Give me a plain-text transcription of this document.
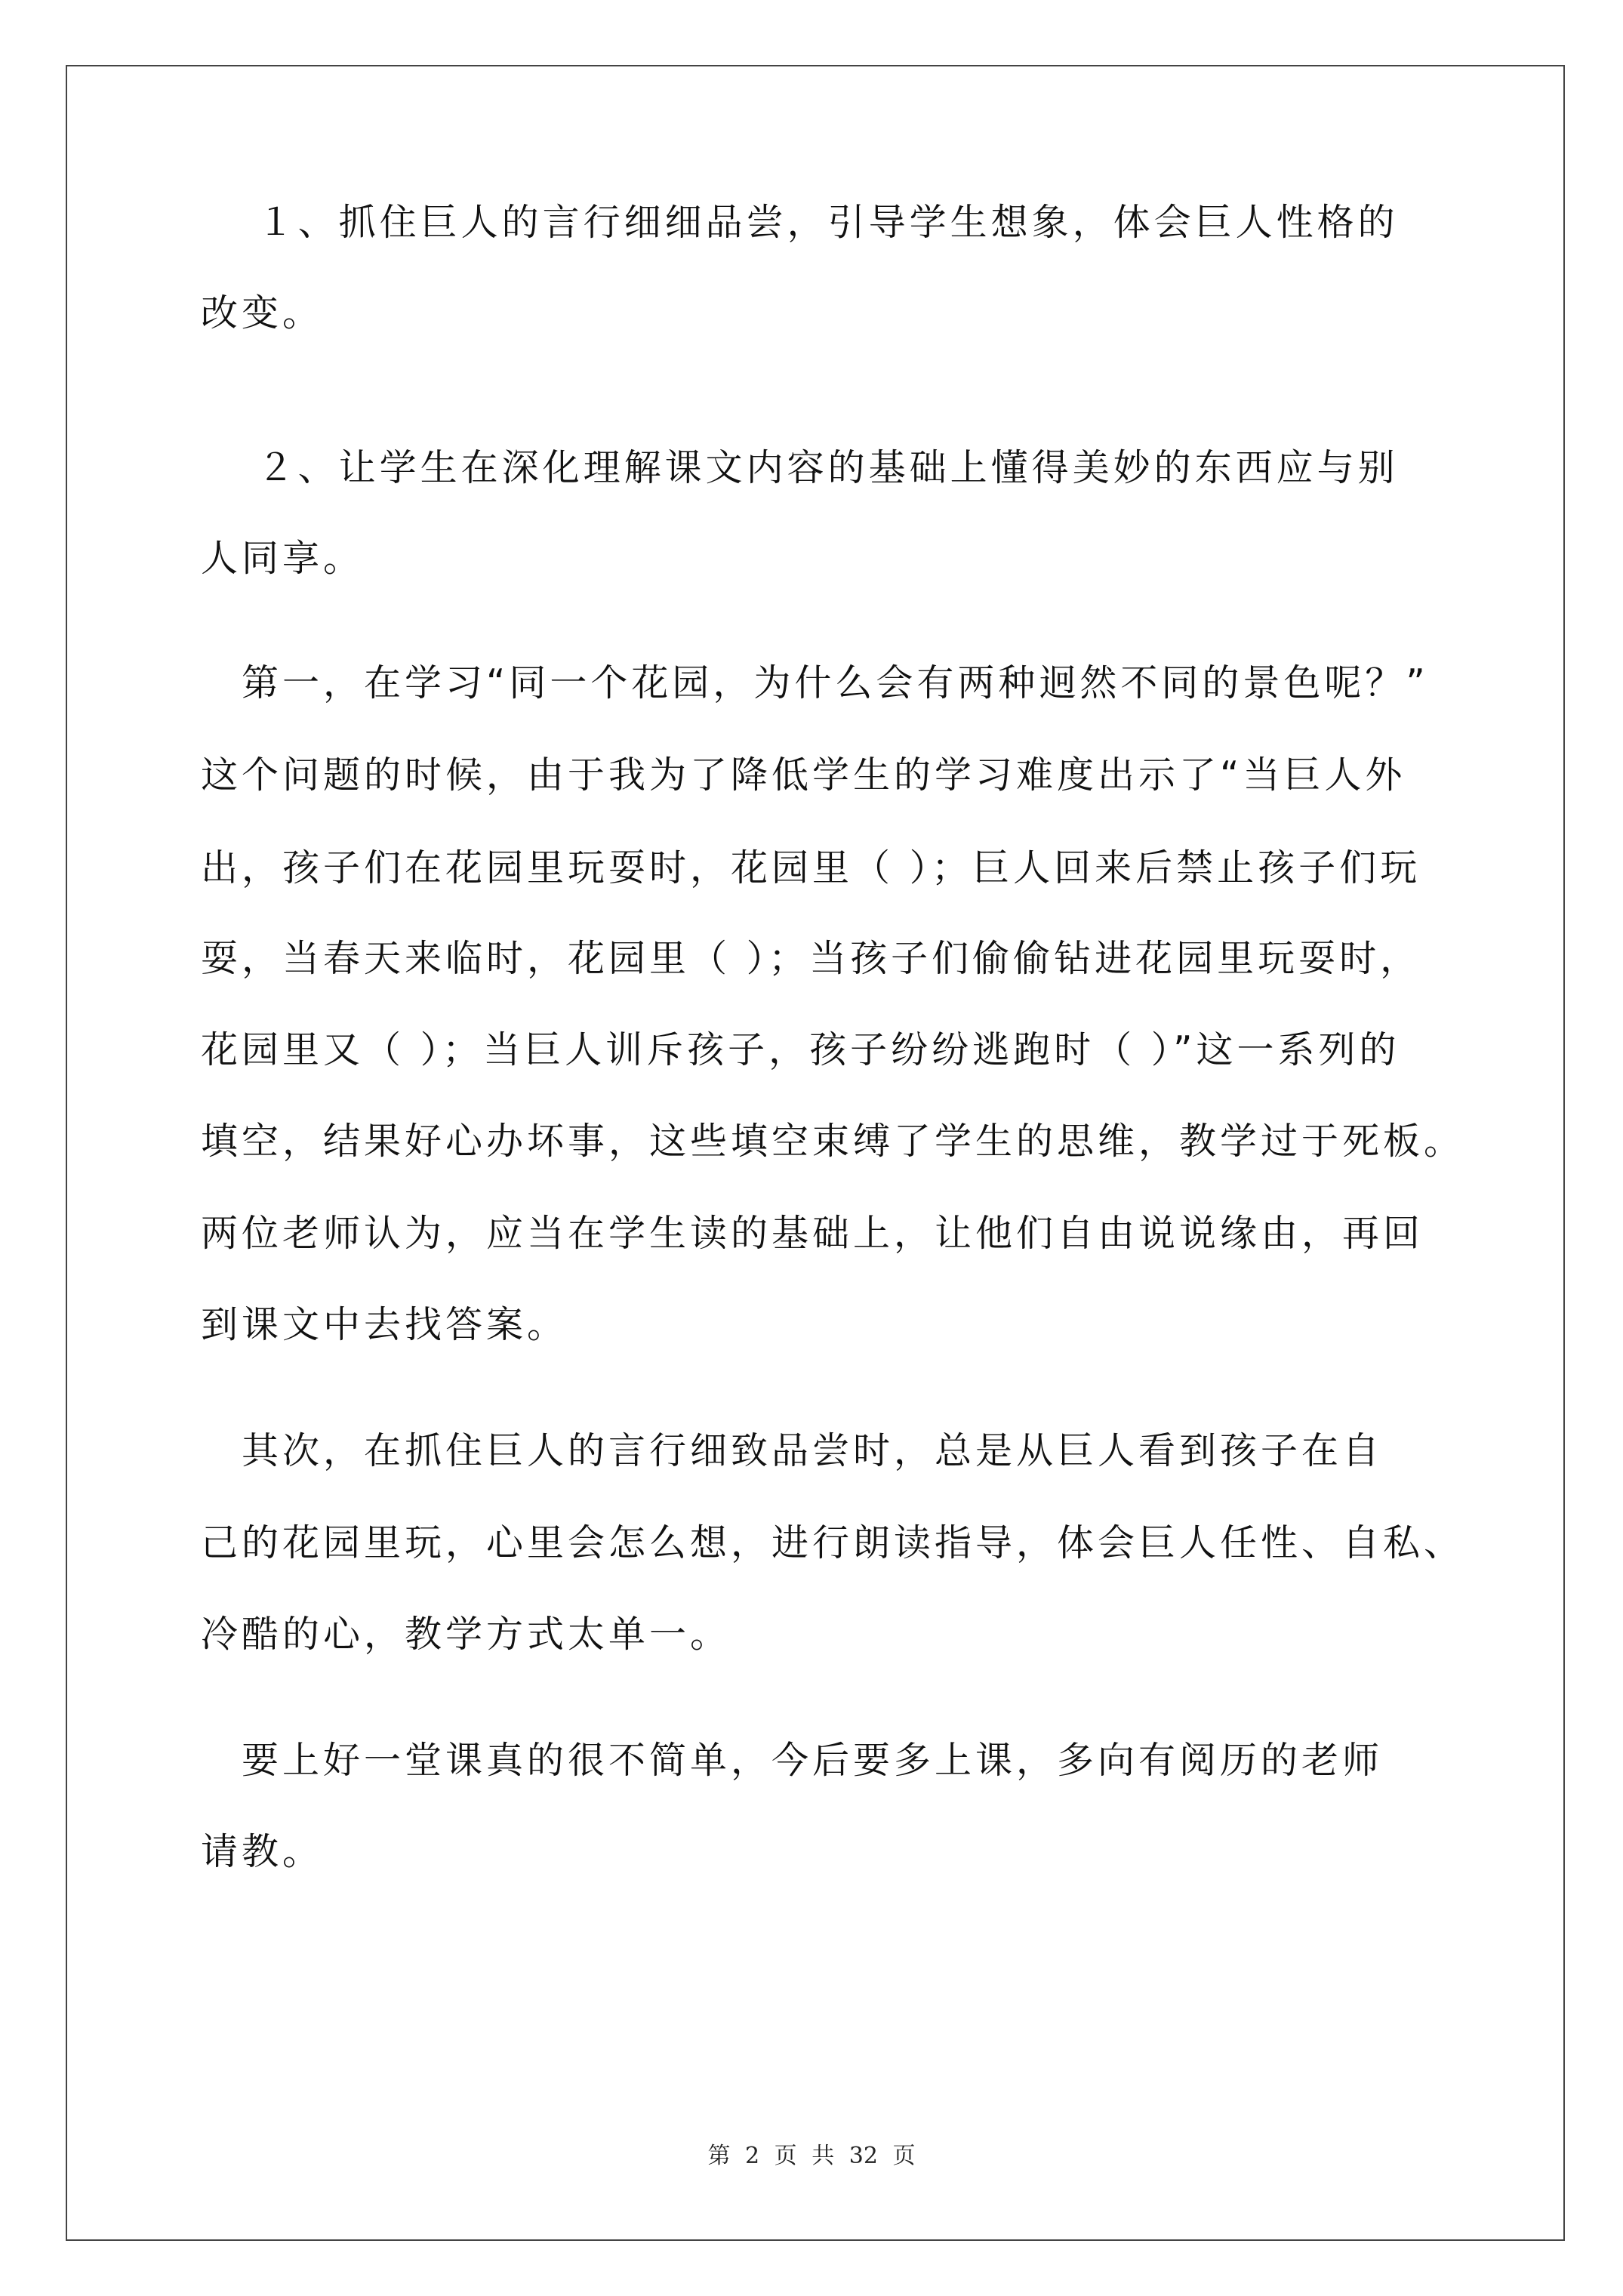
　 １、抓住巨人的言行细细品尝，引导学生想象，体会巨人性格的
改变。
　 ２、让学生在深化理解课文内容的基础上懂得美妙的东西应与别
人同享。
　第一，在学习“同一个花园，为什么会有两种迥然不同的景色呢？”
这个问题的时候，由于我为了降低学生的学习难度出示了“当巨人外
出，孩子们在花园里玩耍时，花园里（ ）；巨人回来后禁止孩子们玩
耍，当春天来临时，花园里（ ）；当孩子们偷偷钻进花园里玩耍时，
花园里又（ ）；当巨人训斥孩子，孩子纷纷逃跑时（ ）”这一系列的
填空，结果好心办坏事，这些填空束缚了学生的思维，教学过于死板。
两位老师认为，应当在学生读的基础上，让他们自由说说缘由，再回
到课文中去找答案。
　其次，在抓住巨人的言行细致品尝时，总是从巨人看到孩子在自
己的花园里玩，心里会怎么想，进行朗读指导，体会巨人任性、自私、
冷酷的心，教学方式太单一。
　要上好一堂课真的很不简单，今后要多上课，多向有阅历的老师
请教。
第 2 页 共 32 页
